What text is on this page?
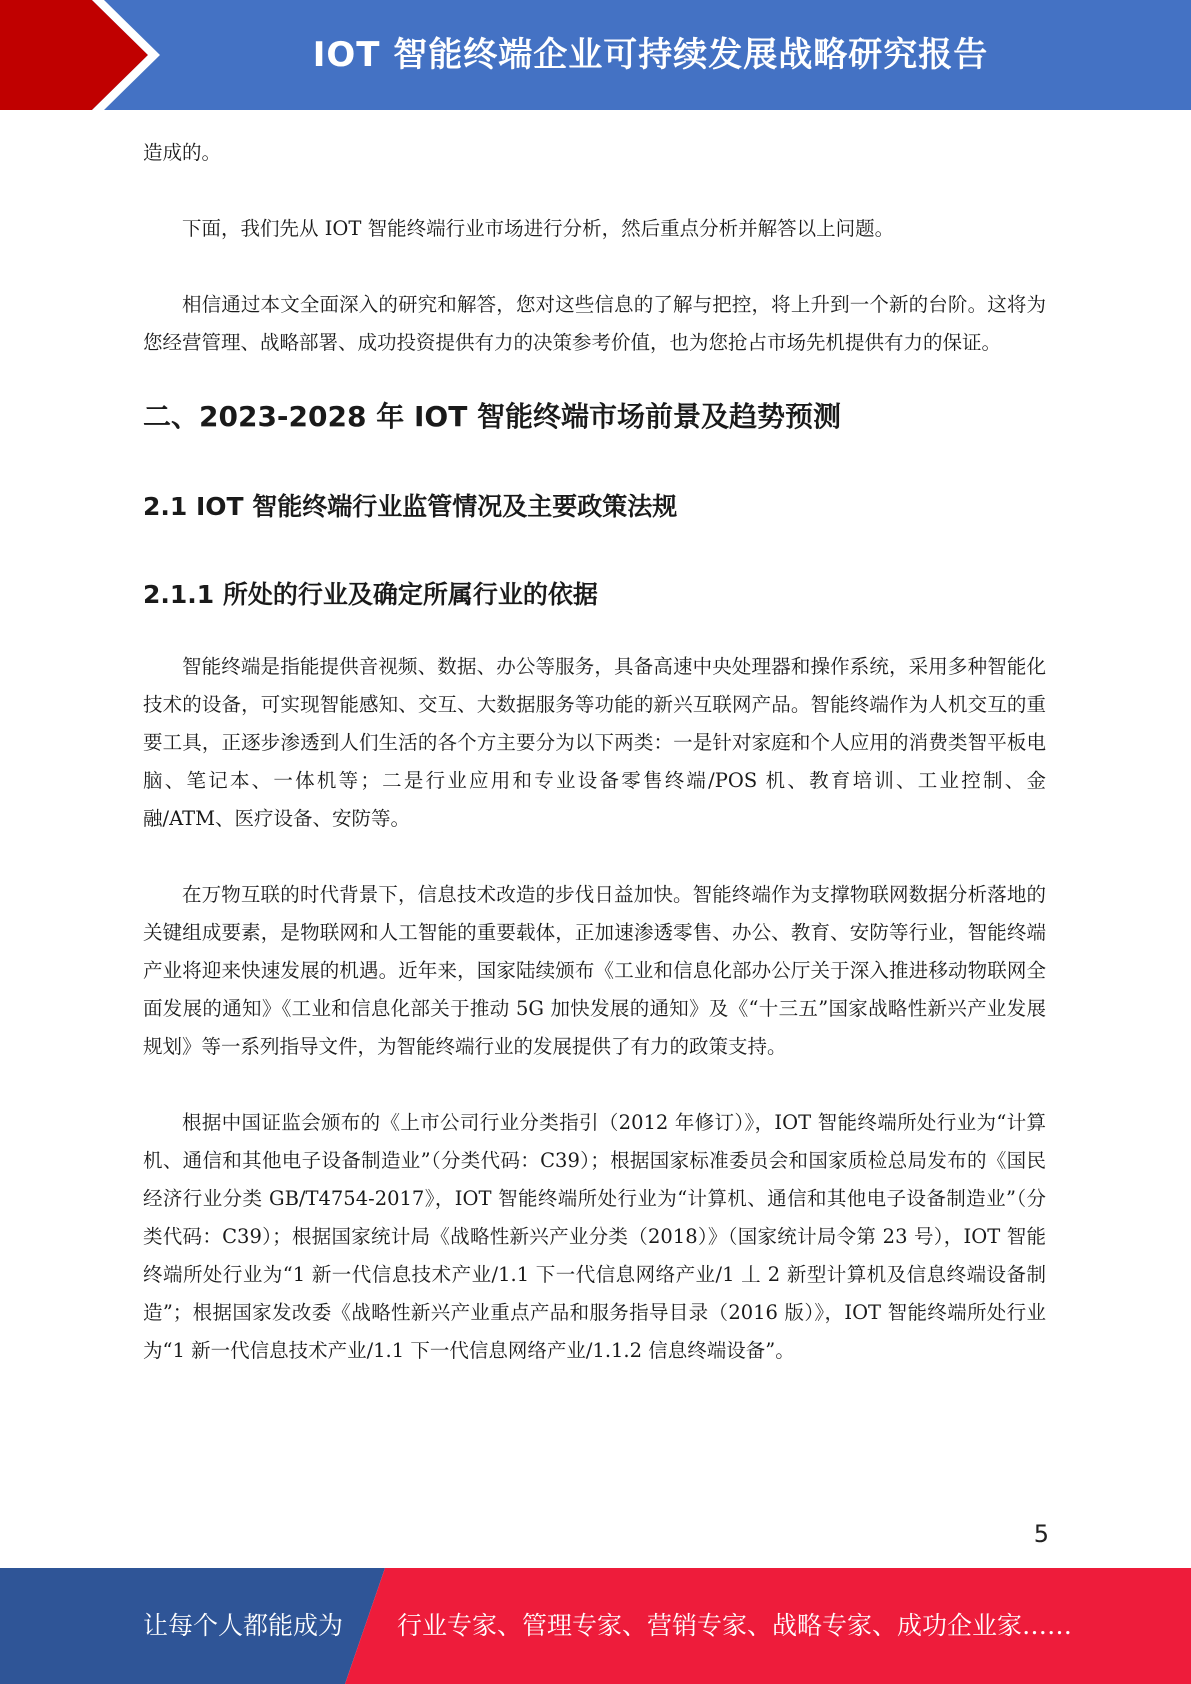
IOT 智能终端企业可持续发展战略研究报告

造成的。

下面，我们先从 IOT 智能终端行业市场进行分析，然后重点分析并解答以上问题。

相信通过本文全面深入的研究和解答，您对这些信息的了解与把控，将上升到一个新的台阶。这将为您经营管理、战略部署、成功投资提供有力的决策参考价值，也为您抢占市场先机提供有力的保证。

二、2023-2028 年 IOT 智能终端市场前景及趋势预测
2.1 IOT 智能终端行业监管情况及主要政策法规
2.1.1 所处的行业及确定所属行业的依据

智能终端是指能提供音视频、数据、办公等服务，具备高速中央处理器和操作系统，采用多种智能化技术的设备，可实现智能感知、交互、大数据服务等功能的新兴互联网产品。智能终端作为人机交互的重要工具，正逐步渗透到人们生活的各个方主要分为以下两类：一是针对家庭和个人应用的消费类智平板电脑、笔记本、一体机等；二是行业应用和专业设备零售终端/POS 机、教育培训、工业控制、金融/ATM、医疗设备、安防等。

在万物互联的时代背景下，信息技术改造的步伐日益加快。智能终端作为支撑物联网数据分析落地的关键组成要素，是物联网和人工智能的重要载体，正加速渗透零售、办公、教育、安防等行业，智能终端产业将迎来快速发展的机遇。近年来，国家陆续颁布《工业和信息化部办公厅关于深入推进移动物联网全面发展的通知》《工业和信息化部关于推动 5G 加快发展的通知》及《“十三五”国家战略性新兴产业发展规划》等一系列指导文件，为智能终端行业的发展提供了有力的政策支持。

根据中国证监会颁布的《上市公司行业分类指引（2012 年修订）》，IOT 智能终端所处行业为“计算机、通信和其他电子设备制造业”（分类代码：C39）；根据国家标准委员会和国家质检总局发布的《国民经济行业分类 GB/T4754-2017》，IOT 智能终端所处行业为“计算机、通信和其他电子设备制造业”（分类代码：C39）；根据国家统计局《战略性新兴产业分类（2018）》（国家统计局令第 23 号），IOT 智能终端所处行业为“1 新一代信息技术产业/1.1 下一代信息网络产业/1 丄 2 新型计算机及信息终端设备制造”；根据国家发改委《战略性新兴产业重点产品和服务指导目录（2016 版）》，IOT 智能终端所处行业为“1 新一代信息技术产业/1.1 下一代信息网络产业/1.1.2 信息终端设备”。

5
让每个人都能成为 行业专家、管理专家、营销专家、战略专家、成功企业家……
